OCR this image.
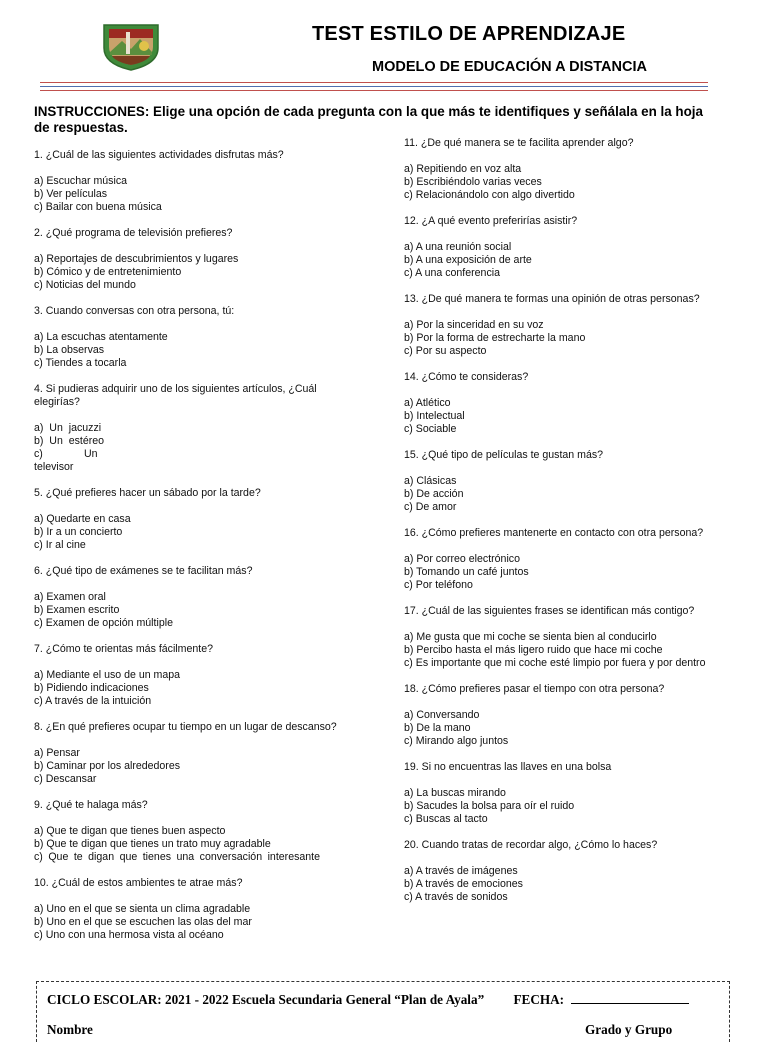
TEST ESTILO DE APRENDIZAJE
MODELO DE EDUCACIÓN A DISTANCIA

INSTRUCCIONES: Elige una opción de cada pregunta con la que más te identifiques y señálala en la hoja de respuestas.

1. ¿Cuál de las siguientes actividades disfrutas más?

a) Escuchar música

b) Ver películas

c) Bailar con buena música

2. ¿Qué programa de televisión prefieres?

a) Reportajes de descubrimientos y lugares

b) Cómico y de entretenimiento

c) Noticias del mundo

3. Cuando conversas con otra persona, tú:

a) La escuchas atentamente

b) La observas

c) Tiendes a tocarla

4. Si pudieras adquirir uno de los siguientes artículos, ¿Cuál elegirías?

a)  Un  jacuzzi

b)  Un  estéreo

c)              Un                televisor

5. ¿Qué prefieres hacer un sábado por la tarde?

a) Quedarte en casa

b) Ir a un concierto

c) Ir al cine

6. ¿Qué tipo de exámenes se te facilitan más?

a) Examen oral

b) Examen escrito

c) Examen de opción múltiple

7. ¿Cómo te orientas más fácilmente?

a) Mediante el uso de un mapa

b) Pidiendo indicaciones

c) A través de la intuición

8. ¿En qué prefieres ocupar tu tiempo en un lugar de descanso?

a) Pensar

b) Caminar por los alrededores

c) Descansar

9. ¿Qué te halaga más?

a) Que te digan que tienes buen aspecto

b) Que te digan que tienes un trato muy agradable

c) Que te digan que tienes una conversación interesante

10. ¿Cuál de estos ambientes te atrae más?

a) Uno en el que se sienta un clima agradable

b) Uno en el que se escuchen las olas del mar

c) Uno con una hermosa vista al océano

11. ¿De qué manera se te facilita aprender algo?

a) Repitiendo en voz alta

b) Escribiéndolo varias veces

c) Relacionándolo con algo divertido

12. ¿A qué evento preferirías asistir?

a) A una reunión social

b) A una exposición de arte

c) A una conferencia

13. ¿De qué manera te formas una opinión de otras personas?

a) Por la sinceridad en su voz

b) Por la forma de estrecharte la mano

c) Por su aspecto

14. ¿Cómo te consideras?

a) Atlético

b) Intelectual

c) Sociable

15. ¿Qué tipo de películas te gustan más?

a) Clásicas

b) De acción

c) De amor

16. ¿Cómo prefieres mantenerte en contacto con otra persona?

a) Por correo electrónico

b) Tomando un café juntos

c) Por teléfono

17. ¿Cuál de las siguientes frases se identifican más contigo?

a) Me gusta que mi coche se sienta bien al conducirlo

b) Percibo hasta el más ligero ruido que hace mi coche

c) Es importante que mi coche esté limpio por fuera y por dentro

18. ¿Cómo prefieres pasar el tiempo con otra persona?

a) Conversando

b) De la mano

c) Mirando algo juntos

19. Si no encuentras las llaves en una bolsa

a) La buscas mirando

b) Sacudes la bolsa para oír el ruido

c) Buscas al tacto

20. Cuando tratas de recordar algo, ¿Cómo lo haces?

a) A través de imágenes

b) A través de emociones

c) A través de sonidos

CICLO ESCOLAR: 2021 - 2022 Escuela Secundaria General “Plan de Ayala” FECHA:

Nombre	Grado y Grupo
